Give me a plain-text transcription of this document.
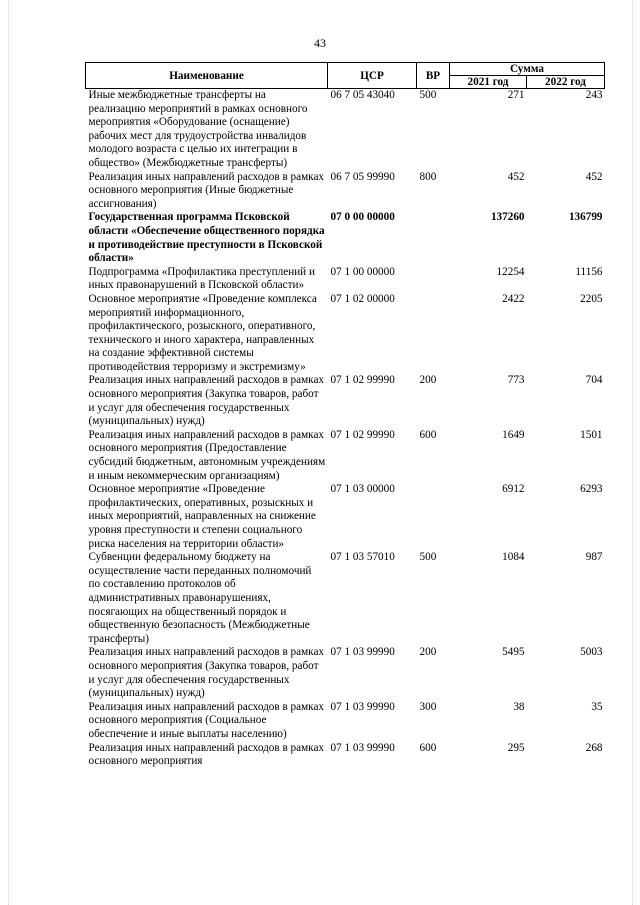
43
Наименование	ЦСР	ВР	Сумма	
			2021 год	2022 год
Иные межбюджетные трансферты на реализацию мероприятий в рамках основного мероприятия «Оборудование (оснащение) рабочих мест для трудоустройства инвалидов молодого возраста с целью их интеграции в общество» (Межбюджетные трансферты)	06 7 05 43040	500	271	243
Реализация иных направлений расходов в рамках основного мероприятия (Иные бюджетные ассигнования)	06 7 05 99990	800	452	452
Государственная программа Псковской области «Обеспечение общественного порядка и противодействие преступности в Псковской области»	07 0 00 00000		137260	136799
Подпрограмма «Профилактика преступлений и иных правонарушений в Псковской области»	07 1 00 00000		12254	11156
Основное мероприятие «Проведение комплекса мероприятий информационного, профилактического, розыскного, оперативного, технического и иного характера, направленных на создание эффективной системы противодействия терроризму и экстремизму»	07 1 02 00000		2422	2205
Реализация иных направлений расходов в рамках основного мероприятия (Закупка товаров, работ и услуг для обеспечения государственных (муниципальных) нужд)	07 1 02 99990	200	773	704
Реализация иных направлений расходов в рамках основного мероприятия (Предоставление субсидий бюджетным, автономным учреждениям и иным некоммерческим организациям)	07 1 02 99990	600	1649	1501
Основное мероприятие «Проведение профилактических, оперативных, розыскных и иных мероприятий, направленных на снижение уровня преступности и степени социального риска населения на территории области»	07 1 03 00000		6912	6293
Субвенции федеральному бюджету на осуществление части переданных полномочий по составлению протоколов об административных правонарушениях, посягающих на общественный порядок и общественную безопасность (Межбюджетные трансферты)	07 1 03 57010	500	1084	987
Реализация иных направлений расходов в рамках основного мероприятия (Закупка товаров, работ и услуг для обеспечения государственных (муниципальных) нужд)	07 1 03 99990	200	5495	5003
Реализация иных направлений расходов в рамках основного мероприятия (Социальное обеспечение и иные выплаты населению)	07 1 03 99990	300	38	35
Реализация иных направлений расходов в рамках основного мероприятия	07 1 03 99990	600	295	268
